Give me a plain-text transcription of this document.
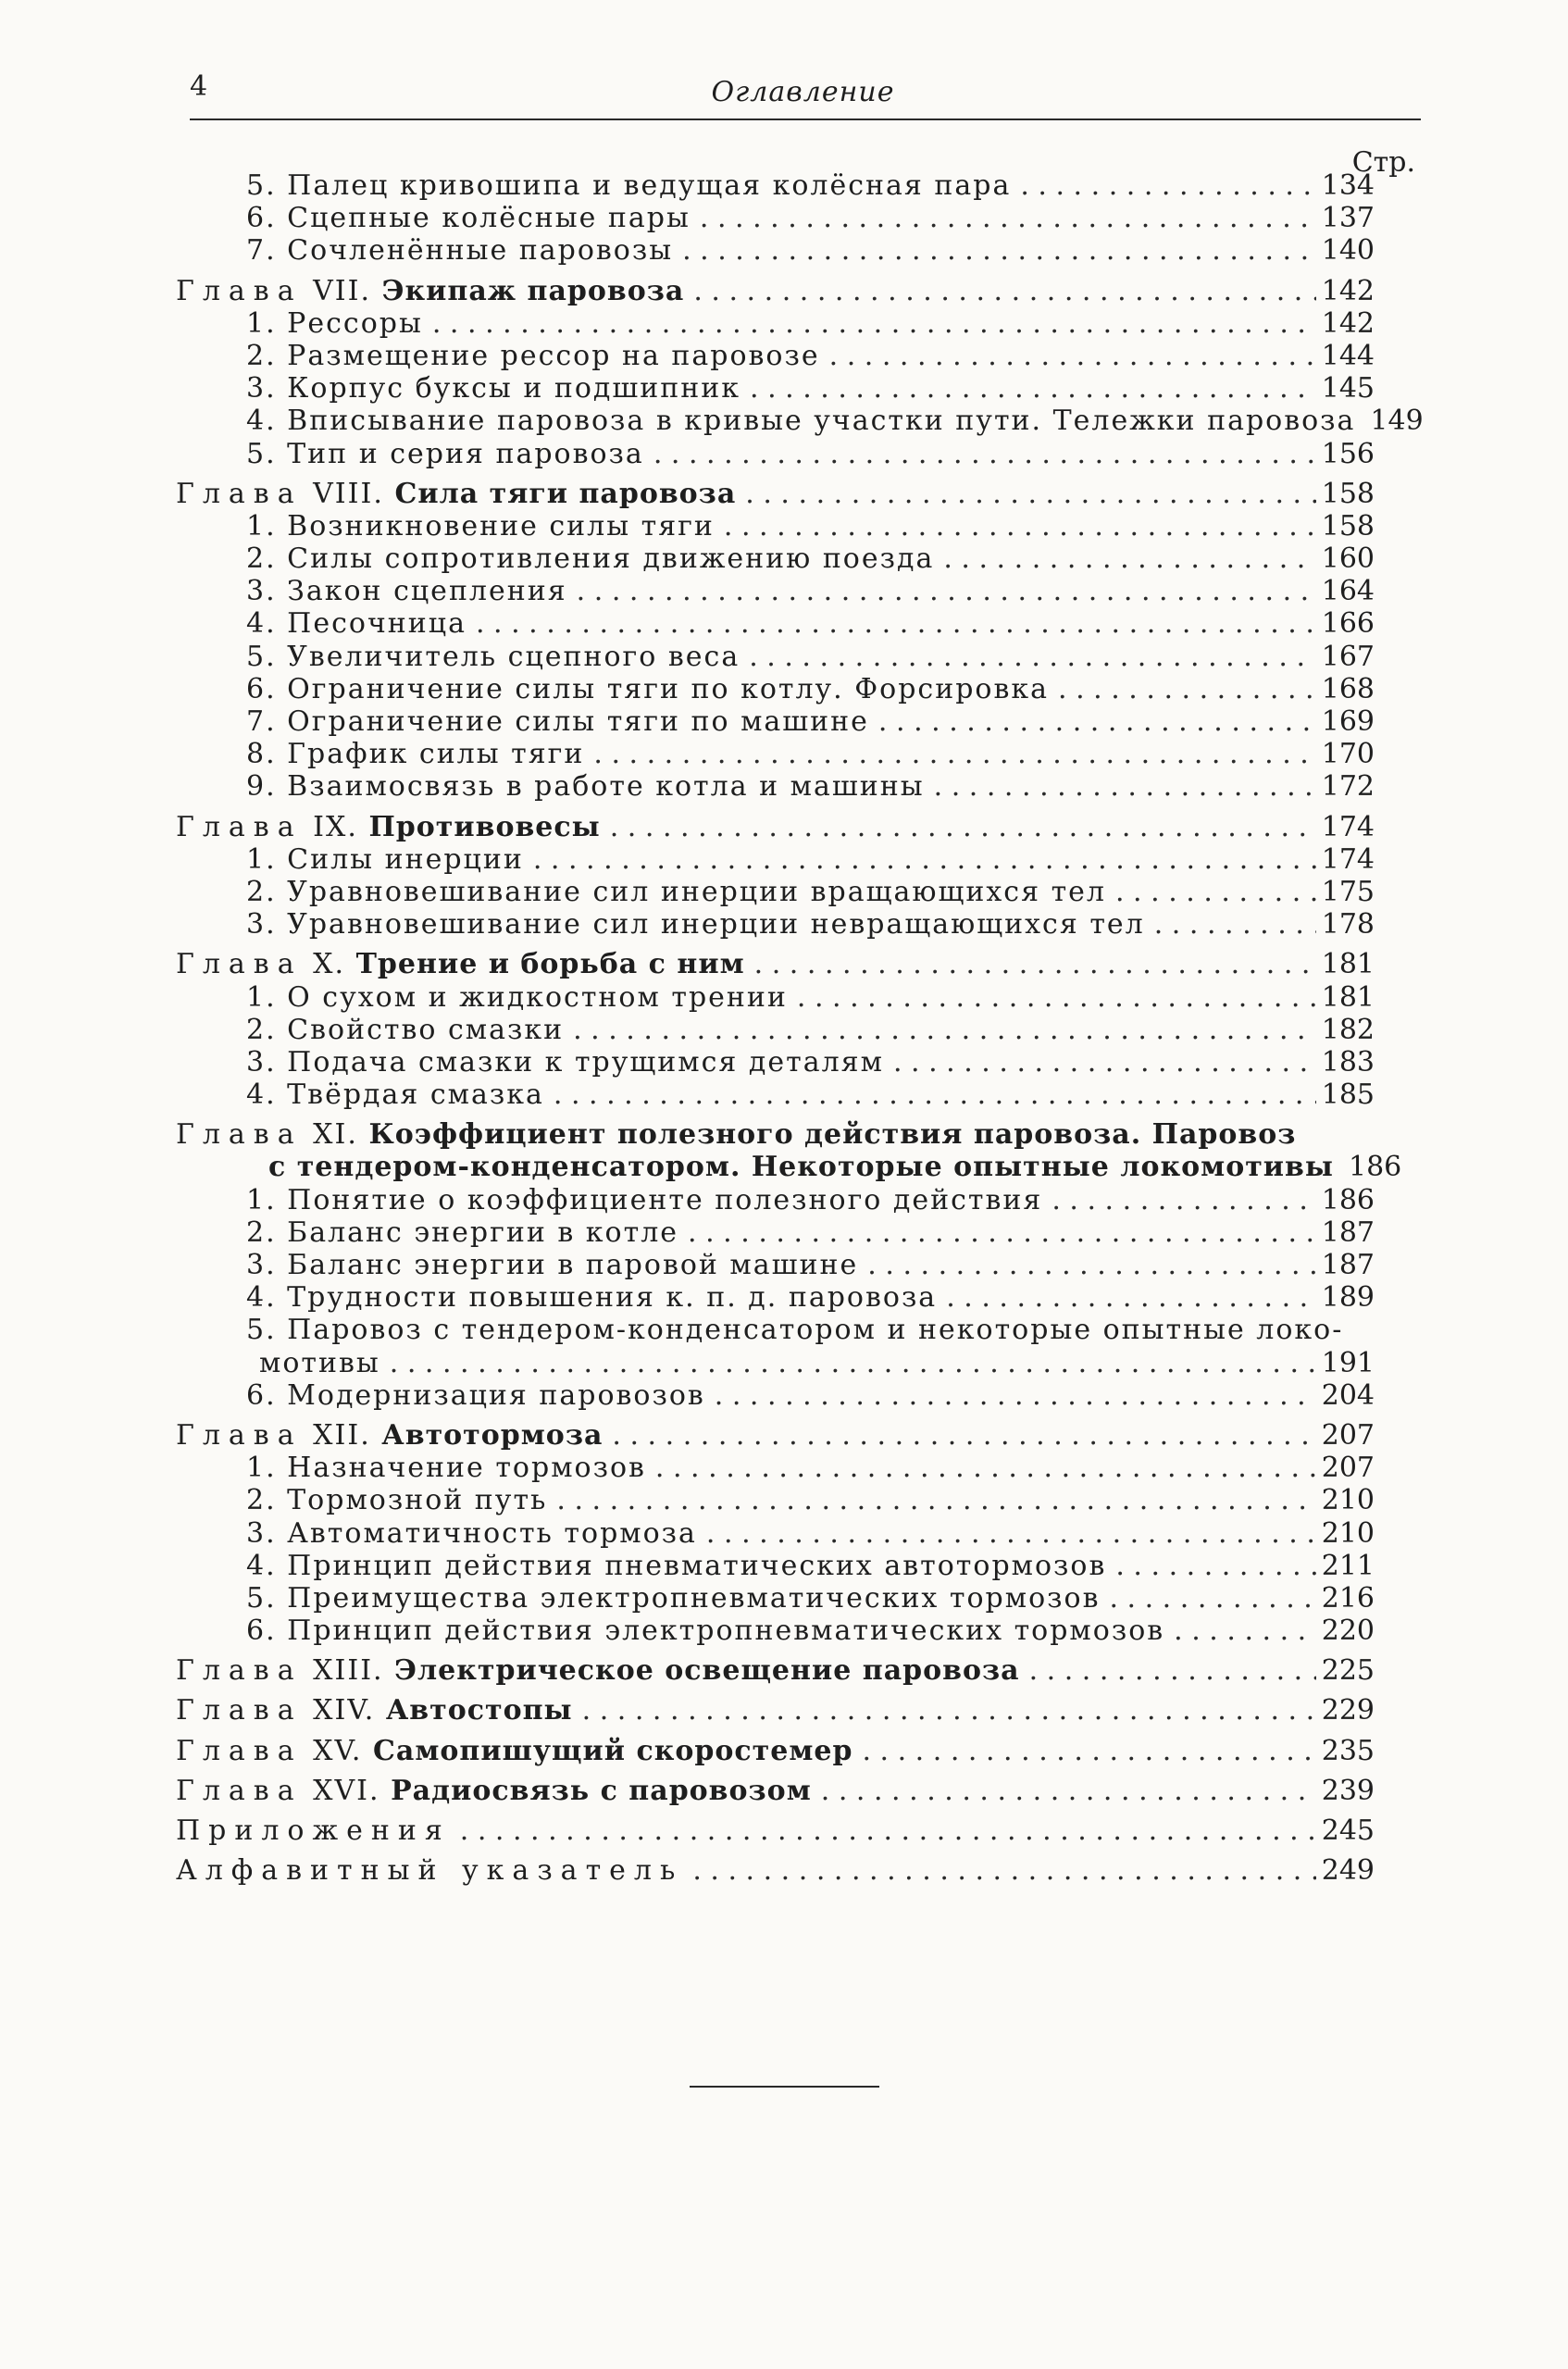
4	Оглавление
Стр.
5. Палец кривошипа и ведущая колёсная пара . . .	134
6. Сцепные колёсные пары . . .	137
7. Сочленённые паровозы . . .	140
Глава VII. Экипаж паровоза . . .	142
1. Рессоры . . .	142
2. Размещение рессор на паровозе . . .	144
3. Корпус буксы и подшипник . . .	145
4. Вписывание паровоза в кривые участки пути. Тележки паровоза 149
5. Тип и серия паровоза . . .	156
Глава VIII. Сила тяги паровоза . . .	158
1. Возникновение силы тяги . . .	158
2. Силы сопротивления движению поезда . . .	160
3. Закон сцепления . . .	164
4. Песочница . . .	166
5. Увеличитель сцепного веса . . .	167
6. Ограничение силы тяги по котлу. Форсировка . . .	168
7. Ограничение силы тяги по машине . . .	169
8. График силы тяги . . .	170
9. Взаимосвязь в работе котла и машины . . .	172
Глава IX. Противовесы . . .	174
1. Силы инерции . . .	174
2. Уравновешивание сил инерции вращающихся тел . . .	175
3. Уравновешивание сил инерции невращающихся тел . . .	178
Глава X. Трение и борьба с ним . . .	181
1. О сухом и жидкостном трении . . .	181
2. Свойство смазки . . .	182
3. Подача смазки к трущимся деталям . . .	183
4. Твёрдая смазка . . .	185
Глава XI. Коэффициент полезного действия паровоза. Паровоз
с тендером-конденсатором. Некоторые опытные локомотивы 186
1. Понятие о коэффициенте полезного действия . . .	186
2. Баланс энергии в котле . . .	187
3. Баланс энергии в паровой машине . . .	187
4. Трудности повышения к. п. д. паровоза . . .	189
5. Паровоз с тендером-конденсатором и некоторые опытные локо-
мотивы . . .	191
6. Модернизация паровозов . . .	204
Глава XII. Автотормоза . . .	207
1. Назначение тормозов . . .	207
2. Тормозной путь . . .	210
3. Автоматичность тормоза . . .	210
4. Принцип действия пневматических автотормозов . . .	211
5. Преимущества электропневматических тормозов . . .	216
6. Принцип действия электропневматических тормозов . . .	220
Глава XIII. Электрическое освещение паровоза . . .	225
Глава XIV. Автостопы . . .	229
Глава XV. Самопишущий скоростемер . . .	235
Глава XVI. Радиосвязь с паровозом . . .	239
Приложения . . .	245
Алфавитный указатель . . .	249
